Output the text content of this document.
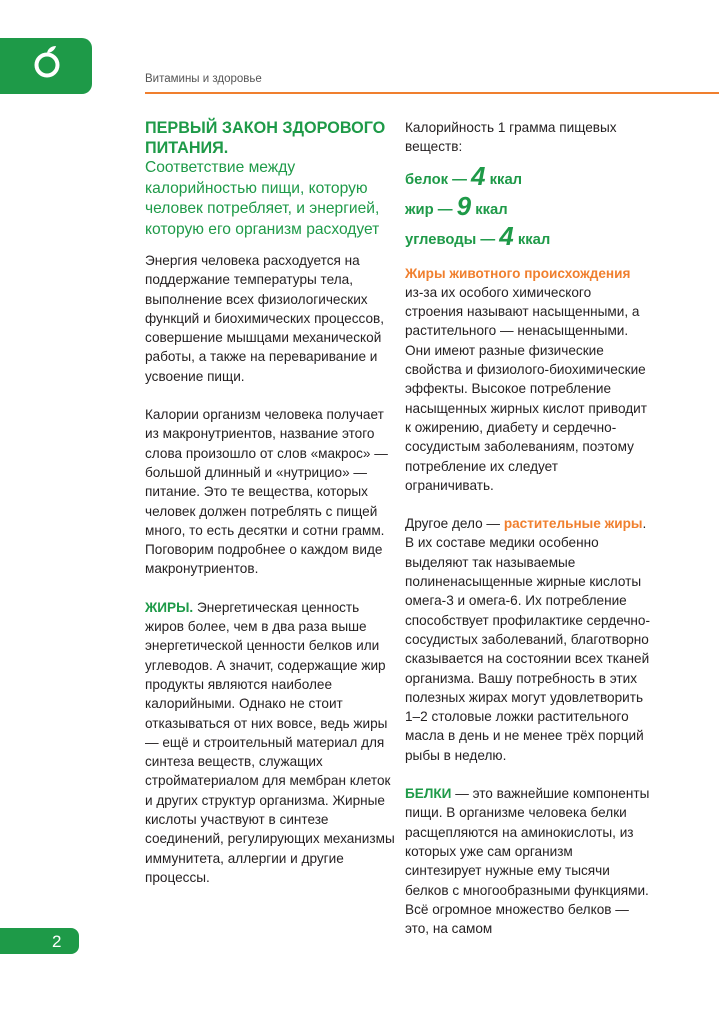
Витамины и здоровье

ПЕРВЫЙ ЗАКОН ЗДОРОВОГО ПИТАНИЯ.

Соответствие между калорийностью пищи, которую человек потребляет, и энергией, которую его организм расходует

Энергия человека расходуется на поддержание температуры тела, выполнение всех физиологических функций и биохимических процессов, совершение мышцами механической работы, а также на переваривание и усвоение пищи.

Калории организм человека получает из макронутриентов, название этого слова произошло от слов «макрос» — большой длинный и «нутрицио» — питание. Это те вещества, которых человек должен потреблять с пищей много, то есть десятки и сотни грамм. Поговорим подробнее о каждом виде макронутриентов.

ЖИРЫ. Энергетическая ценность жиров более, чем в два раза выше энергетической ценности белков или углеводов. А значит, содержащие жир продукты являются наиболее калорийными. Однако не стоит отказываться от них вовсе, ведь жиры — ещё и строительный материал для синтеза веществ, служащих стройматериалом для мембран клеток и других структур организма. Жирные кислоты участвуют в синтезе соединений, регулирующих механизмы иммунитета, аллергии и другие процессы.

Калорийность 1 грамма пищевых веществ:

белок — 4 ккал
жир — 9 ккал
углеводы — 4 ккал

Жиры животного происхождения
из-за их особого химического строения называют насыщенными, а растительного — ненасыщенными. Они имеют разные физические свойства и физиолого-биохимические эффекты. Высокое потребление насыщенных жирных кислот приводит к ожирению, диабету и сердечно-сосудистым заболеваниям, поэтому потребление их следует ограничивать.

Другое дело — растительные жиры. В их составе медики особенно выделяют так называемые полиненасыщенные жирные кислоты омега-3 и омега-6. Их потребление способствует профилактике сердечно-сосудистых заболеваний, благотворно сказывается на состоянии всех тканей организма. Вашу потребность в этих полезных жирах могут удовлетворить 1–2 столовые ложки растительного масла в день и не менее трёх порций рыбы в неделю.

БЕЛКИ — это важнейшие компоненты пищи. В организме человека белки расщепляются на аминокислоты, из которых уже сам организм синтезирует нужные ему тысячи белков с многообразными функциями. Всё огромное множество белков — это, на самом

2
